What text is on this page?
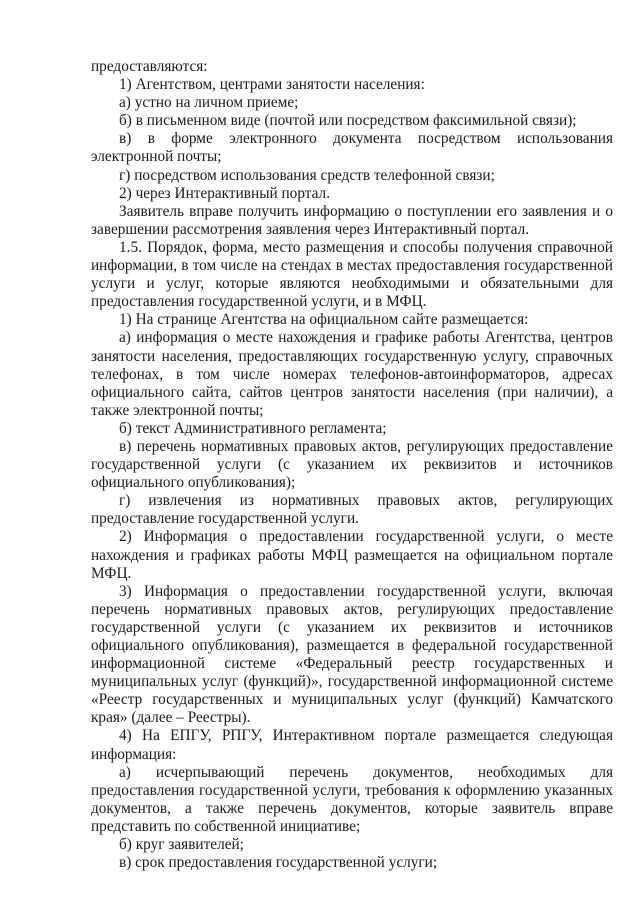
предоставляются:

1) Агентством, центрами занятости населения:

а) устно на личном приеме;

б) в письменном виде (почтой или посредством факсимильной связи);

в) в форме электронного документа посредством использования электронной почты;

г) посредством использования средств телефонной связи;

2) через Интерактивный портал.

Заявитель вправе получить информацию о поступлении его заявления и о завершении рассмотрения заявления через Интерактивный портал.

1.5. Порядок, форма, место размещения и способы получения справочной информации, в том числе на стендах в местах предоставления государственной услуги и услуг, которые являются необходимыми и обязательными для предоставления государственной услуги, и в МФЦ.

1) На странице Агентства на официальном сайте размещается:

а) информация о месте нахождения и графике работы Агентства, центров занятости населения, предоставляющих государственную услугу, справочных телефонах, в том числе номерах телефонов-автоинформаторов, адресах официального сайта, сайтов центров занятости населения (при наличии), а также электронной почты;

б) текст Административного регламента;

в) перечень нормативных правовых актов, регулирующих предоставление государственной услуги (с указанием их реквизитов и источников официального опубликования);

г) извлечения из нормативных правовых актов, регулирующих предоставление государственной услуги.

2) Информация о предоставлении государственной услуги, о месте нахождения и графиках работы МФЦ размещается на официальном портале МФЦ.

3) Информация о предоставлении государственной услуги, включая перечень нормативных правовых актов, регулирующих предоставление государственной услуги (с указанием их реквизитов и источников официального опубликования), размещается в федеральной государственной информационной системе «Федеральный реестр государственных и муниципальных услуг (функций)», государственной информационной системе «Реестр государственных и муниципальных услуг (функций) Камчатского края» (далее – Реестры).

4) На ЕПГУ, РПГУ, Интерактивном портале размещается следующая информация:

а) исчерпывающий перечень документов, необходимых для предоставления государственной услуги, требования к оформлению указанных документов, а также перечень документов, которые заявитель вправе представить по собственной инициативе;

б) круг заявителей;

в) срок предоставления государственной услуги;
